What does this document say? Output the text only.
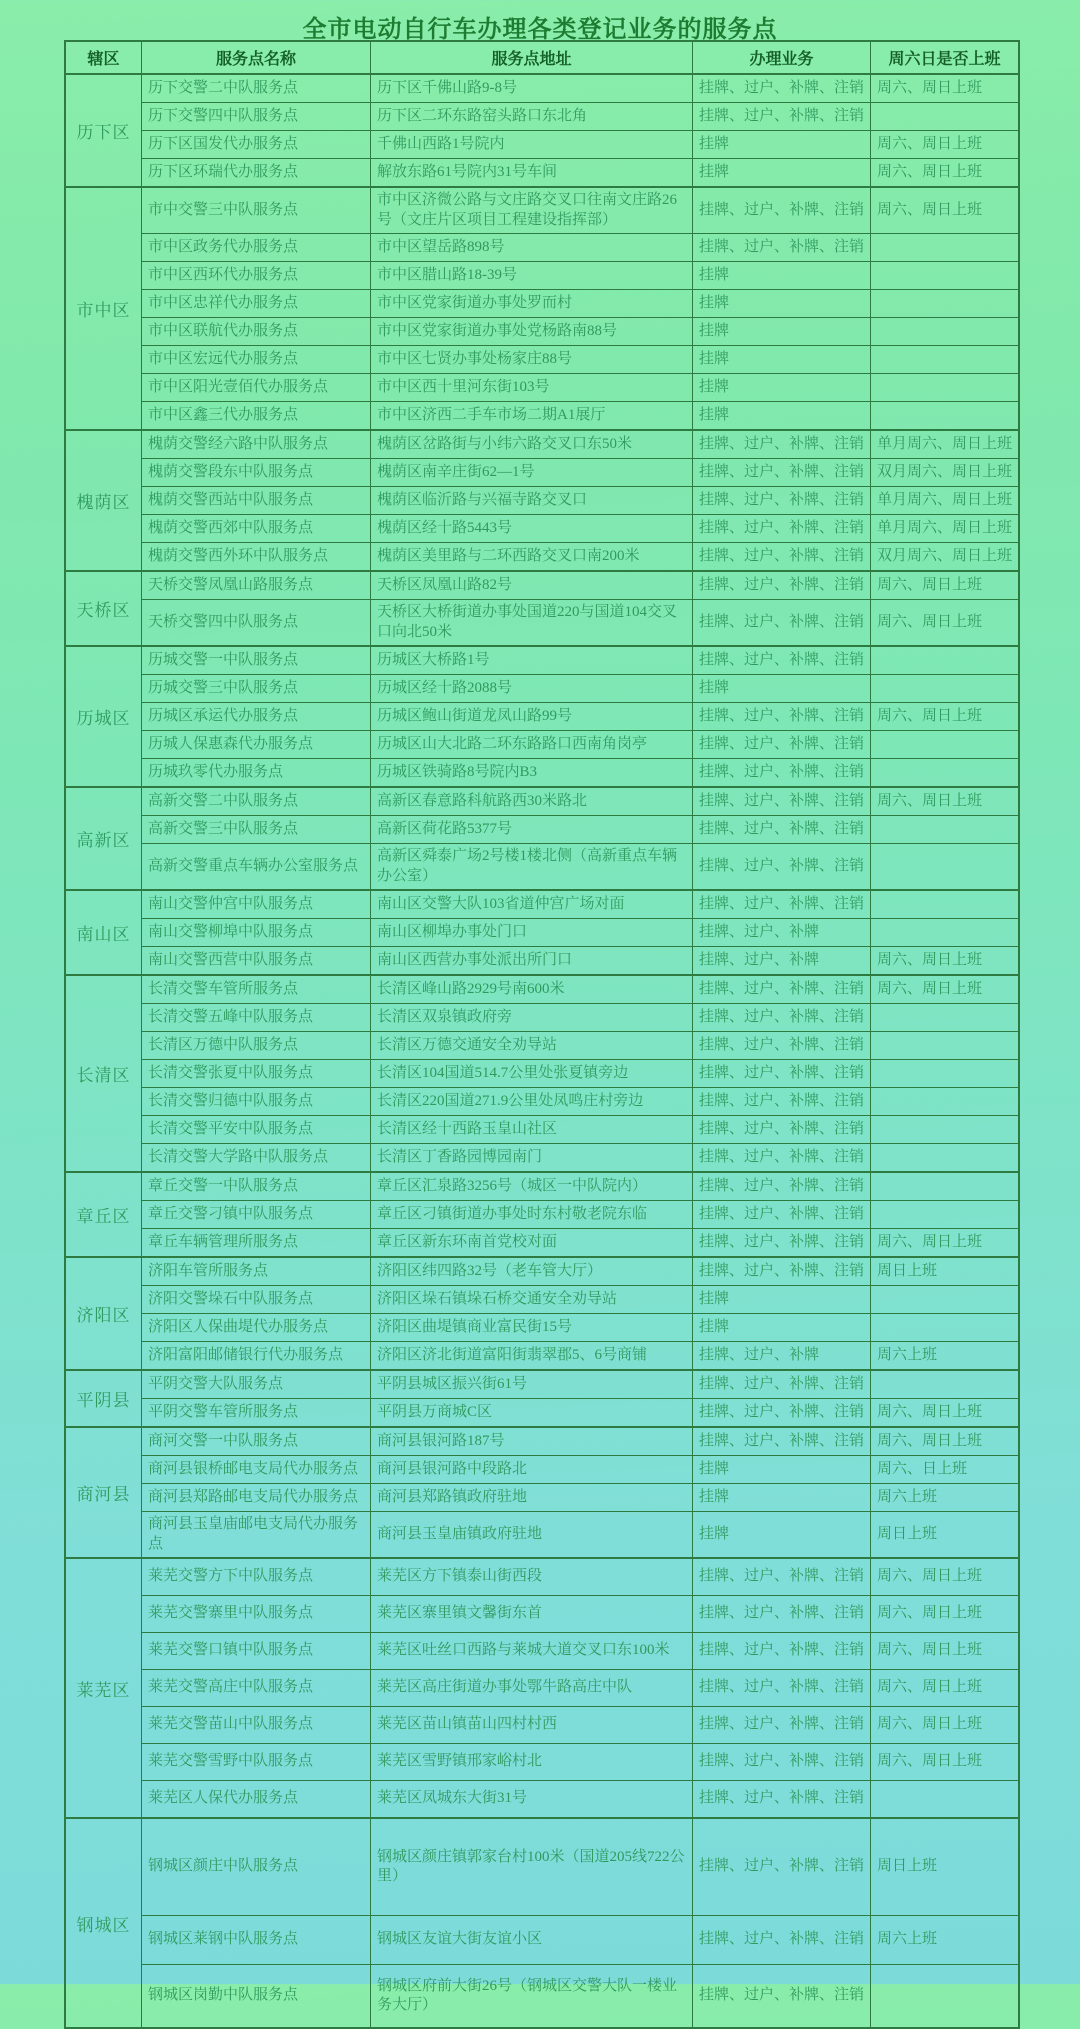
全市电动自行车办理各类登记业务的服务点
辖区	服务点名称	服务点地址	办理业务	周六日是否上班
历下区
历下交警二中队服务点	历下区千佛山路9-8号	挂牌、过户、补牌、注销 周六、周日上班
历下交警四中队服务点	历下区二环东路窑头路口东北角	挂牌、过户、补牌、注销
历下区国发代办服务点	千佛山西路1号院内	挂牌	周六、周日上班
历下区环瑞代办服务点	解放东路61号院内31号车间	挂牌	周六、周日上班
市中区
市中交警三中队服务点
市中区济微公路与文庄路交叉口往南文庄路26号（文庄片区项目工程建设指挥部）
挂牌、过户、补牌、注销 周六、周日上班
市中区政务代办服务点	市中区望岳路898号	挂牌、过户、补牌、注销
市中区西环代办服务点	市中区腊山路18-39号	挂牌
市中区忠祥代办服务点	市中区党家街道办事处罗而村	挂牌
市中区联航代办服务点	市中区党家街道办事处党杨路南88号	挂牌
市中区宏远代办服务点	市中区七贤办事处杨家庄88号	挂牌
市中区阳光壹佰代办服务点	市中区西十里河东街103号	挂牌
市中区鑫三代办服务点	市中区济西二手车市场二期A1展厅	挂牌
槐荫区
槐荫交警经六路中队服务点	槐荫区岔路街与小纬六路交叉口东50米	挂牌、过户、补牌、注销 单月周六、周日上班
槐荫交警段东中队服务点	槐荫区南辛庄街62—1号	挂牌、过户、补牌、注销 双月周六、周日上班
槐荫交警西站中队服务点	槐荫区临沂路与兴福寺路交叉口	挂牌、过户、补牌、注销 单月周六、周日上班
槐荫交警西郊中队服务点	槐荫区经十路5443号	挂牌、过户、补牌、注销 单月周六、周日上班
槐荫交警西外环中队服务点	槐荫区美里路与二环西路交叉口南200米	挂牌、过户、补牌、注销 双月周六、周日上班
天桥区
天桥交警凤凰山路服务点	天桥区凤凰山路82号	挂牌、过户、补牌、注销 周六、周日上班
天桥交警四中队服务点
天桥区大桥街道办事处国道220与国道104交叉口向北50米
挂牌、过户、补牌、注销 周六、周日上班
历城区
历城交警一中队服务点	历城区大桥路1号	挂牌、过户、补牌、注销
历城交警三中队服务点	历城区经十路2088号	挂牌
历城区承运代办服务点	历城区鲍山街道龙凤山路99号	挂牌、过户、补牌、注销 周六、周日上班
历城人保惠森代办服务点	历城区山大北路二环东路路口西南角岗亭	挂牌、过户、补牌、注销
历城玖零代办服务点	历城区铁骑路8号院内B3	挂牌、过户、补牌、注销
高新区
高新交警二中队服务点	高新区春意路科航路西30米路北	挂牌、过户、补牌、注销 周六、周日上班
高新交警三中队服务点	高新区荷花路5377号	挂牌、过户、补牌、注销
高新交警重点车辆办公室服务点
高新区舜泰广场2号楼1楼北侧（高新重点车辆办公室）
挂牌、过户、补牌、注销
南山区
南山交警仲宫中队服务点	南山区交警大队103省道仲宫广场对面	挂牌、过户、补牌、注销
南山交警柳埠中队服务点	南山区柳埠办事处门口	挂牌、过户、补牌
南山交警西营中队服务点	南山区西营办事处派出所门口	挂牌、过户、补牌	周六、周日上班
长清区
长清交警车管所服务点	长清区峰山路2929号南600米	挂牌、过户、补牌、注销 周六、周日上班
长清交警五峰中队服务点	长清区双泉镇政府旁	挂牌、过户、补牌、注销
长清区万德中队服务点	长清区万德交通安全劝导站	挂牌、过户、补牌、注销
长清交警张夏中队服务点	长清区104国道514.7公里处张夏镇旁边	挂牌、过户、补牌、注销
长清交警归德中队服务点	长清区220国道271.9公里处凤鸣庄村旁边	挂牌、过户、补牌、注销
长清交警平安中队服务点	长清区经十西路玉皇山社区	挂牌、过户、补牌、注销
长清交警大学路中队服务点	长清区丁香路园博园南门	挂牌、过户、补牌、注销
章丘区
章丘交警一中队服务点	章丘区汇泉路3256号（城区一中队院内）	挂牌、过户、补牌、注销
章丘交警刁镇中队服务点	章丘区刁镇街道办事处时东村敬老院东临	挂牌、过户、补牌、注销
章丘车辆管理所服务点	章丘区新东环南首党校对面	挂牌、过户、补牌、注销 周六、周日上班
济阳区
济阳车管所服务点	济阳区纬四路32号（老车管大厅）	挂牌、过户、补牌、注销 周日上班
济阳交警垛石中队服务点	济阳区垛石镇垛石桥交通安全劝导站	挂牌
济阳区人保曲堤代办服务点	济阳区曲堤镇商业富民街15号	挂牌
济阳富阳邮储银行代办服务点	济阳区济北街道富阳街翡翠郡5、6号商铺	挂牌、过户、补牌	周六上班
平阴县
平阴交警大队服务点	平阴县城区振兴街61号	挂牌、过户、补牌、注销
平阴交警车管所服务点	平阴县万商城C区	挂牌、过户、补牌、注销 周六、周日上班
商河县
商河交警一中队服务点	商河县银河路187号	挂牌、过户、补牌、注销 周六、周日上班
商河县银桥邮电支局代办服务点	商河县银河路中段路北	挂牌	周六、日上班
商河县郑路邮电支局代办服务点	商河县郑路镇政府驻地	挂牌	周六上班
商河县玉皇庙邮电支局代办服务点
商河县玉皇庙镇政府驻地	挂牌	周日上班
莱芜区
莱芜交警方下中队服务点	莱芜区方下镇泰山街西段	挂牌、过户、补牌、注销 周六、周日上班
莱芜交警寨里中队服务点	莱芜区寨里镇文馨街东首	挂牌、过户、补牌、注销 周六、周日上班
莱芜交警口镇中队服务点	莱芜区吐丝口西路与莱城大道交叉口东100米	挂牌、过户、补牌、注销 周六、周日上班
莱芜交警高庄中队服务点	莱芜区高庄街道办事处鄂牛路高庄中队	挂牌、过户、补牌、注销 周六、周日上班
莱芜交警苗山中队服务点	莱芜区苗山镇苗山四村村西	挂牌、过户、补牌、注销 周六、周日上班
莱芜交警雪野中队服务点	莱芜区雪野镇邢家峪村北	挂牌、过户、补牌、注销 周六、周日上班
莱芜区人保代办服务点	莱芜区凤城东大街31号	挂牌、过户、补牌、注销
钢城区
钢城区颜庄中队服务点
钢城区颜庄镇郭家台村100米（国道205线722公里）
挂牌、过户、补牌、注销 周日上班
钢城区莱钢中队服务点	钢城区友谊大街友谊小区	挂牌、过户、补牌、注销 周六上班
钢城区岗勤中队服务点
钢城区府前大街26号（钢城区交警大队一楼业务大厅）
挂牌、过户、补牌、注销
